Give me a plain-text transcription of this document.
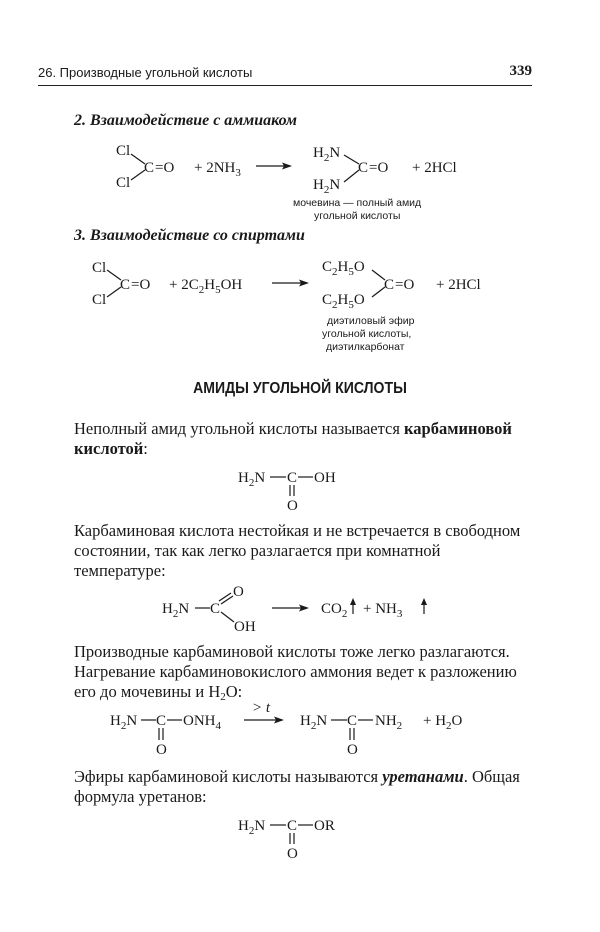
26. Производные угольной кислоты	339
2. Взаимодействие с аммиаком
Cl
Cl
$C =O + 2NH_3$
$H_2N$
$H_2N$
C =O + 2HCl
мочевина — полный амид
угольной кислоты
3. Взаимодействие со спиртами
Cl
Cl
$C =O + 2C_2H_5OH$
$C_2H_5O$
$C_2H_5O$
C =O + 2HCl
диэтиловый эфир
угольной кислоты,
диэтилкарбонат
АМИДЫ УГОЛЬНОЙ КИСЛОТЫ
Неполный амид угольной кислоты называется карбаминовой кислотой:
$H_2N$ C OH
O
Карбаминовая кислота нестойкая и не встречается в свободном состоянии, так как легко разлагается при комнатной температуре:
$H_2N$ C
O
OH
$CO_2 + NH_3$
Производные карбаминовой кислоты тоже легко разлагаются.
Нагревание карбаминовокислого аммония ведет к разложению его до мочевины и H2O:
$H_2N$ C $ONH_4$
O
> t
$H_2N$ C $NH_2$
O
+ $H_2O$
Эфиры карбаминовой кислоты называются уретанами. Общая формула уретанов:
$H_2N$ C OR
O
